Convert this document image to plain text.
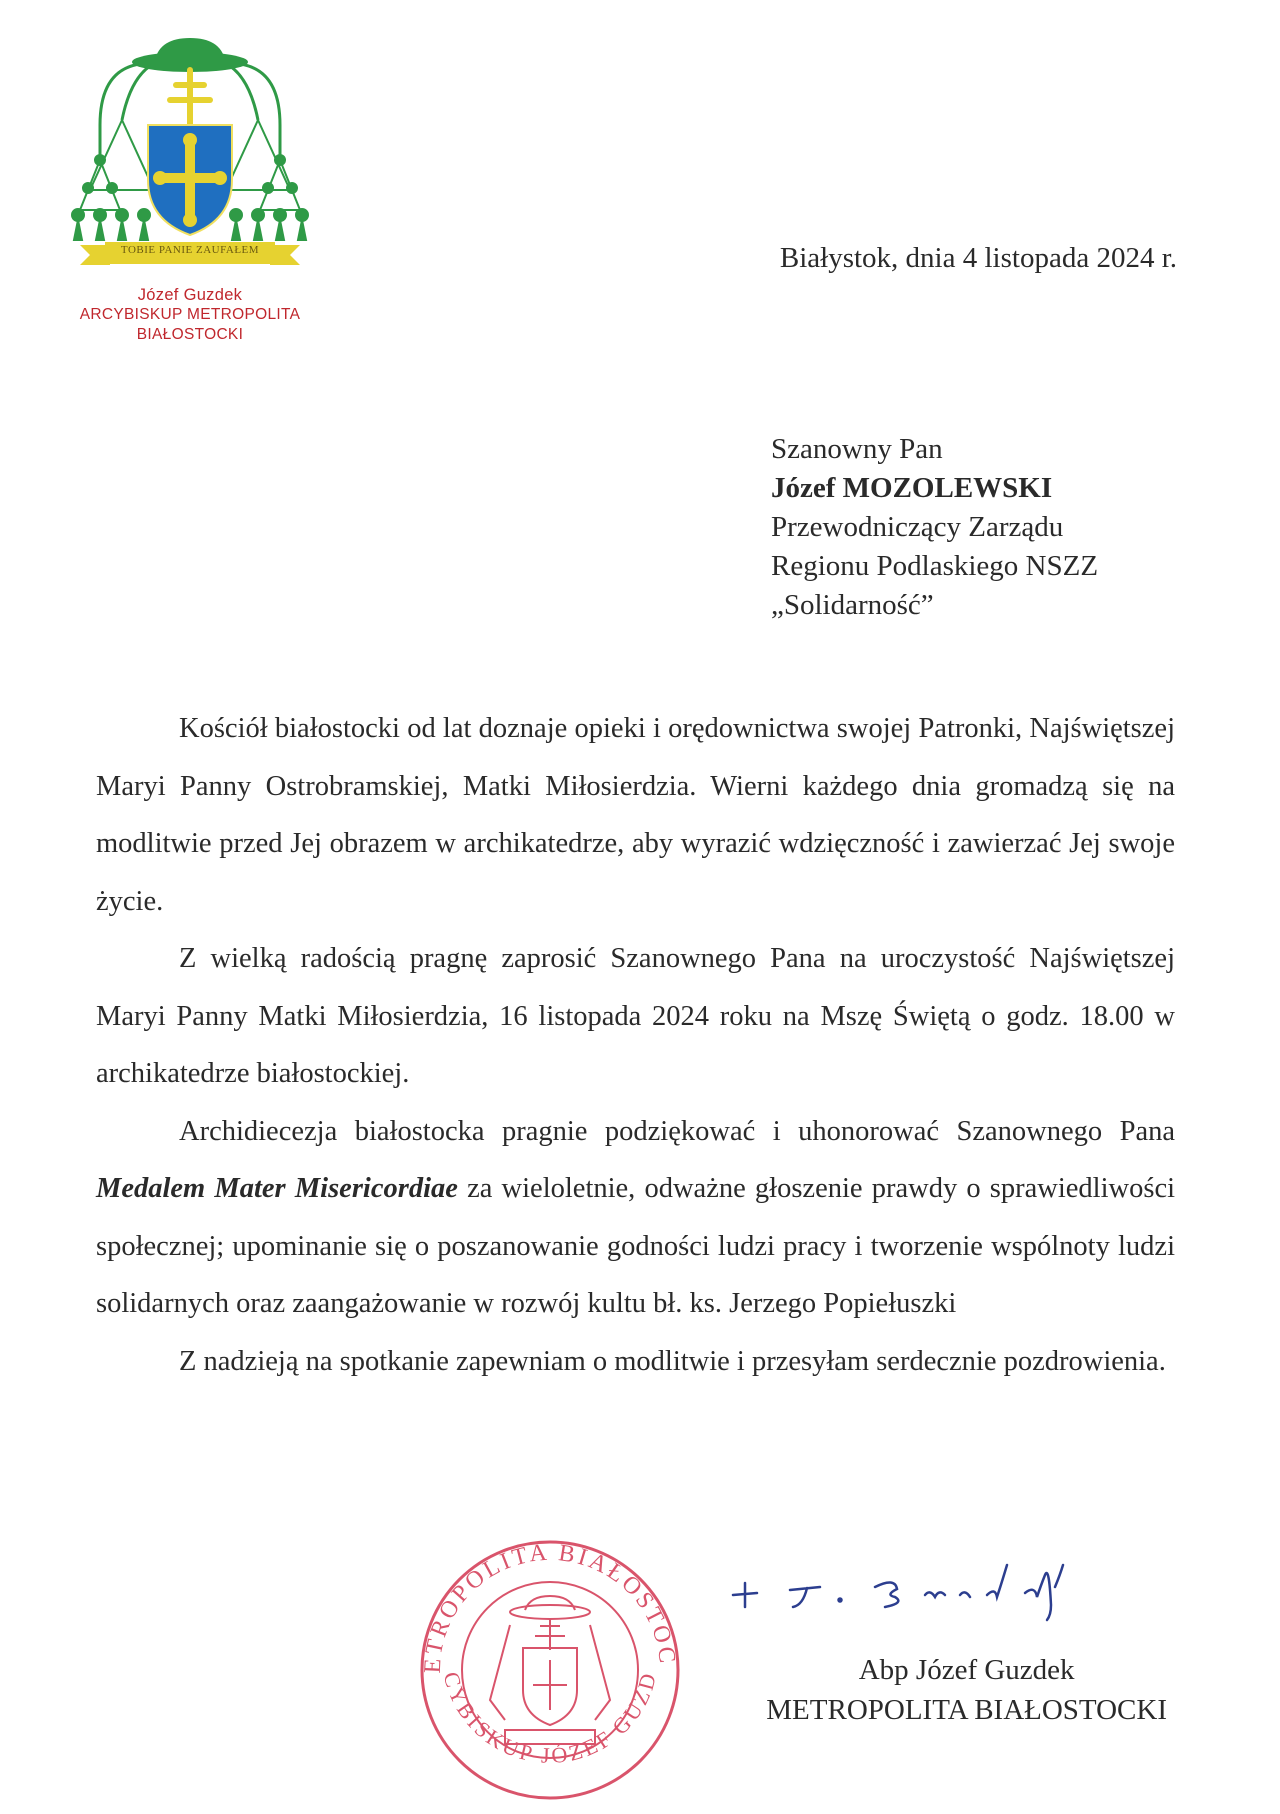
TOBIE PANIE ZAUFAŁEM
Józef Guzdek
ARCYBISKUP METROPOLITA
BIAŁOSTOCKI
Białystok, dnia 4 listopada 2024 r.
Szanowny Pan
Józef MOZOLEWSKI
Przewodniczący Zarządu
Regionu Podlaskiego NSZZ
„Solidarność”

Kościół białostocki od lat doznaje opieki i orędownictwa swojej Patronki, Najświętszej Maryi Panny Ostrobramskiej, Matki Miłosierdzia. Wierni każdego dnia gromadzą się na modlitwie przed Jej obrazem w archikatedrze, aby wyrazić wdzięczność i zawierzać Jej swoje życie.

Z wielką radością pragnę zaprosić Szanownego Pana na uroczystość Najświętszej Maryi Panny Matki Miłosierdzia, 16 listopada 2024 roku na Mszę Świętą o godz. 18.00 w archikatedrze białostockiej.

Archidiecezja białostocka pragnie podziękować i uhonorować Szanownego Pana Medalem Mater Misericordiae za wieloletnie, odważne głoszenie prawdy o sprawiedliwości społecznej; upominanie się o poszanowanie godności ludzi pracy i tworzenie wspólnoty ludzi solidarnych oraz zaangażowanie w rozwój kultu bł. ks. Jerzego Popiełuszki

Z nadzieją na spotkanie zapewniam o modlitwie i przesyłam serdecznie pozdrowienia.

ETROPOLITA BIAŁOSTOC
CYBISKUP JÓZEF GUZD	Abp Józef Guzdek
METROPOLITA BIAŁOSTOCKI
